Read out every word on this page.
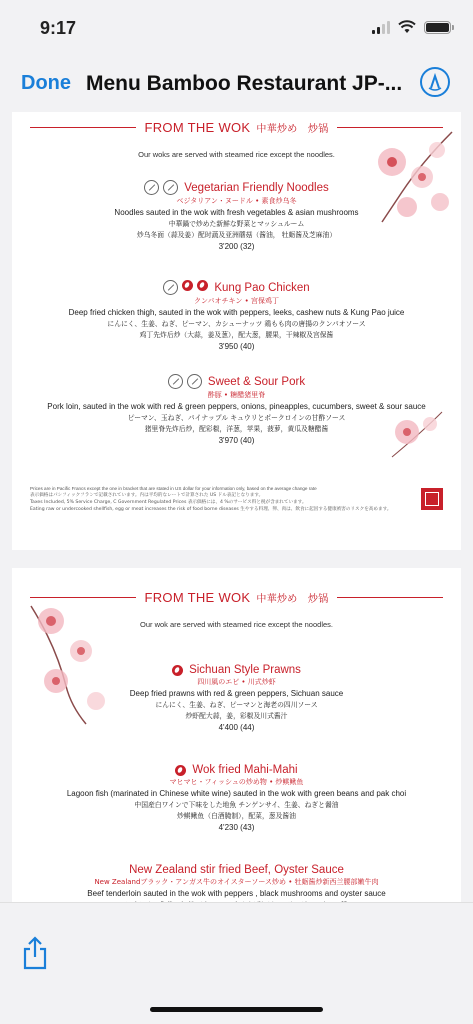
9:17
Done Menu Bamboo Restaurant JP-...
FROM THE WOK 中華炒め　炒锅
Our woks are served with steamed rice except the noodles.
Vegetarian Friendly Noodles
ベジタリアン・ヌードル • 素食炒乌冬
Noodles sauted in the wok with fresh vegetables & asian mushrooms
中華鍋で炒めた新鮮な野菜とマッシュルーム
炒乌冬面（蒜及姜）配时蔬及亚洲蘑菇（酱油， 牡蛎酱及芝麻油）
3'200 (32)
Kung Pao Chicken
クンパオチキン • 宫保鸡丁
Deep fried chicken thigh, sauted in the wok with peppers, leeks, cashew nuts & Kung Pao juice
にんにく、生姜、ねぎ、ピーマン、カシューナッツ 鶏もも肉の唐揚のクンパオソース
鸡丁先炸后炒（大蒜，姜及葱），配大葱，腰果，干辣椒及宫保酱
3'950 (40)
Sweet & Sour Pork
酢豚 • 糖醋猪里脊
Pork loin, sauted in the wok with red & green peppers, onions, pineapples, cucumbers, sweet & sour sauce
ピーマン、玉ねぎ、パイナップル キュウリとポークロインの甘酢ソース
猪里脊先炸后炒，配彩椒，洋葱，苹果，菠萝，黄瓜及糖醋酱
3'970 (40)
Prices are in Pacific Francs except the one in bracket that are stated in US dollar for your information only, based on the average change rate
表示価格はパシフィックフランで記載されています。内は平均的なレートで計算された US ドル表記となります。
Taxes Included, 5% Service Charge, C Government Regulated Prices 表示価格には、4 %のサービス料と税が含まれています。
Eating raw or undercooked shellfish, egg or meat increases the risk of food borne diseases 生やする料理、卵、肉は、飲食に起因する健康被害のリスクを高めます。
FROM THE WOK 中華炒め　炒锅
Our wok are served with steamed rice except the noodles.
Sichuan Style Prawns
四川風のエビ • 川式炒虾
Deep fried prawns with red & green peppers, Sichuan sauce
にんにく、生姜、ねぎ、ピーマンと海老の四川ソース
炒虾配大蒜，姜，彩椒及川式酱汁
4'400 (44)
Wok fried Mahi-Mahi
マヒマヒ・フィッシュの炒め物 • 炒鲯鳅鱼
Lagoon fish (marinated in Chinese white wine) sauted in the wok with green beans and pak choi
中国産白ワインで下味をした地魚 チンゲンサイ、生姜、ねぎと醤油
炒鲯鳅鱼（白酒腌制），配菜，葱及酱油
4'230 (43)
New Zealand stir fried Beef, Oyster Sauce
New Zealandブラック・アンガス牛のオイスターソース炒め • 牡蛎酱炒新西兰腰部嫩牛肉
Beef tenderloin sauted in the wok with peppers , black mushrooms and oyster sauce
